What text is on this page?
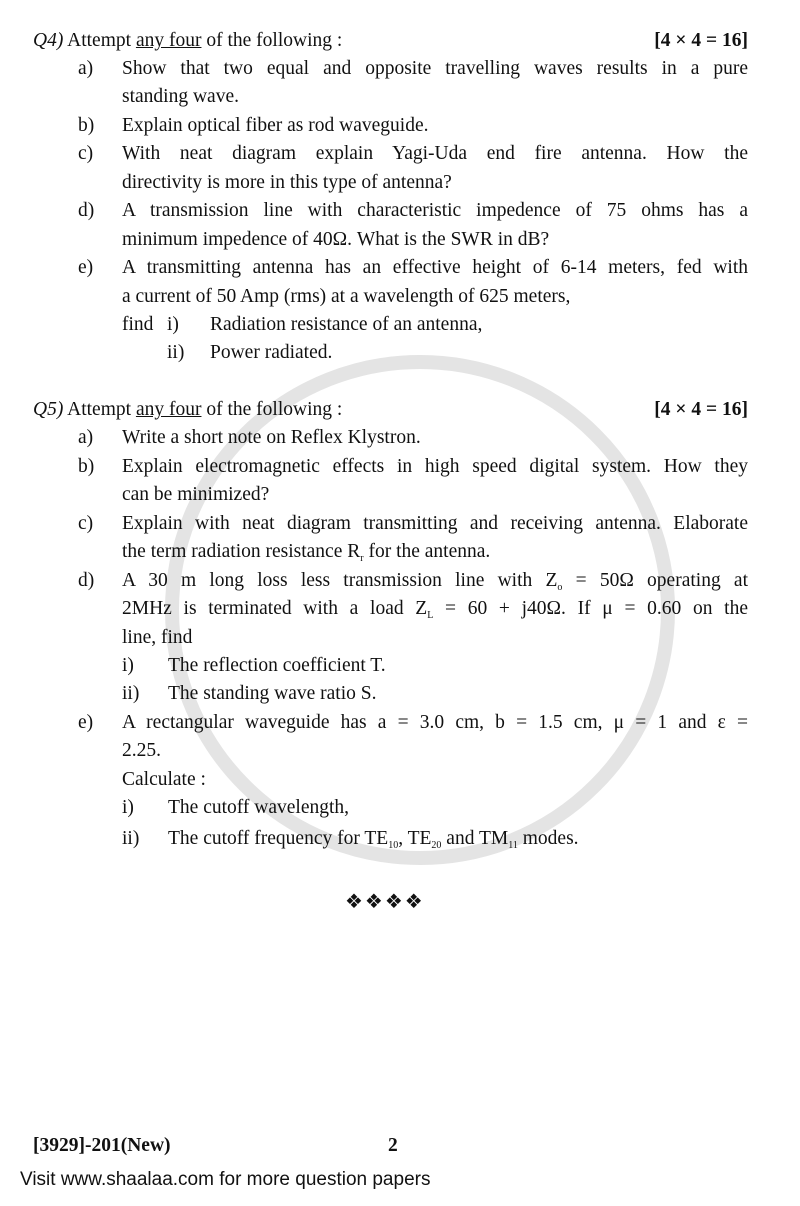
Q4) Attempt any four of the following :	[4 × 4 = 16]
a) Show that two equal and opposite travelling waves results in a pure
standing wave.
b) Explain optical fiber as rod waveguide.
c) With neat diagram explain Yagi-Uda end fire antenna. How the
directivity is more in this type of antenna?
d) A transmission line with characteristic impedence of 75 ohms has a
minimum impedence of 40Ω. What is the SWR in dB?
e) A transmitting antenna has an effective height of 6-14 meters, fed with
a current of 50 Amp (rms) at a wavelength of 625 meters,
find i) Radiation resistance of an antenna,
ii) Power radiated.
Q5) Attempt any four of the following :	[4 × 4 = 16]
a) Write a short note on Reflex Klystron.
b) Explain electromagnetic effects in high speed digital system. How they
can be minimized?
c) Explain with neat diagram transmitting and receiving antenna. Elaborate
the term radiation resistance $R_r$ for the antenna.
d) A 30 m long loss less transmission line with $Z_o = 50\Omega$ operating at
2MHz is terminated with a load $Z_L = 60 + j40\Omega$. If μ = 0.60 on the
line, find
i) The reflection coefficient T.
ii) The standing wave ratio S.
e) A rectangular waveguide has a = 3.0 cm, b = 1.5 cm, μ = 1 and ε =
2.25.
Calculate :
i) The cutoff wavelength,
ii) The cutoff frequency for $TE_{10}$, $TE_{20}$ and $TM_{11}$ modes.
❖❖❖❖
[3929]-201(New)	2
Visit www.shaalaa.com for more question papers
